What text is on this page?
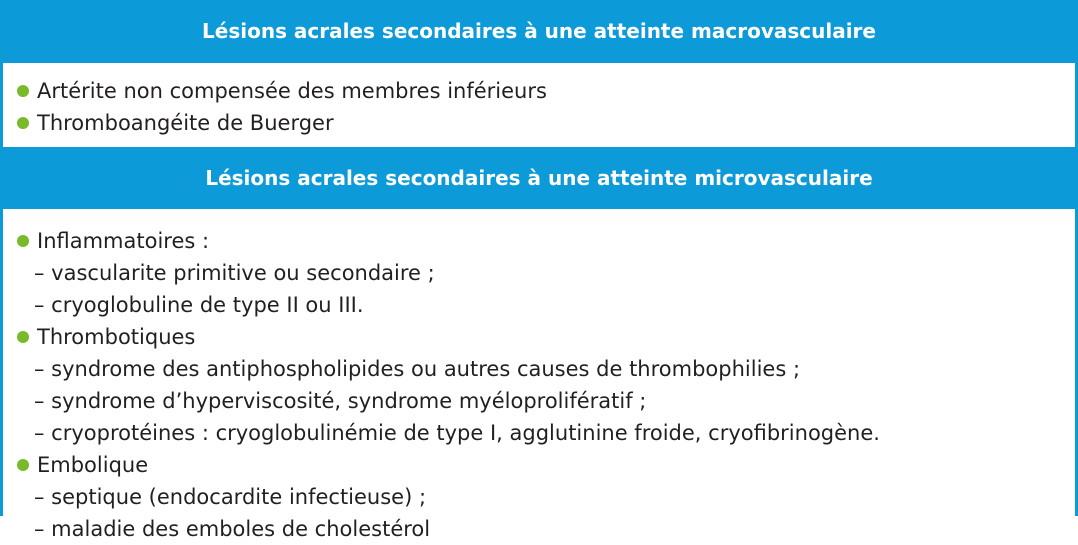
Lésions acrales secondaires à une atteinte macrovasculaire
Artérite non compensée des membres inférieurs
Thromboangéite de Buerger
Lésions acrales secondaires à une atteinte microvasculaire
Inflammatoires :
– vascularite primitive ou secondaire ;
– cryoglobuline de type II ou III.
Thrombotiques
– syndrome des antiphospholipides ou autres causes de thrombophilies ;
– syndrome d’hyperviscosité, syndrome myéloprolifératif ;
– cryoprotéines : cryoglobulinémie de type I, agglutinine froide, cryofibrinogène.
Embolique
– septique (endocardite infectieuse) ;
– maladie des emboles de cholestérol
